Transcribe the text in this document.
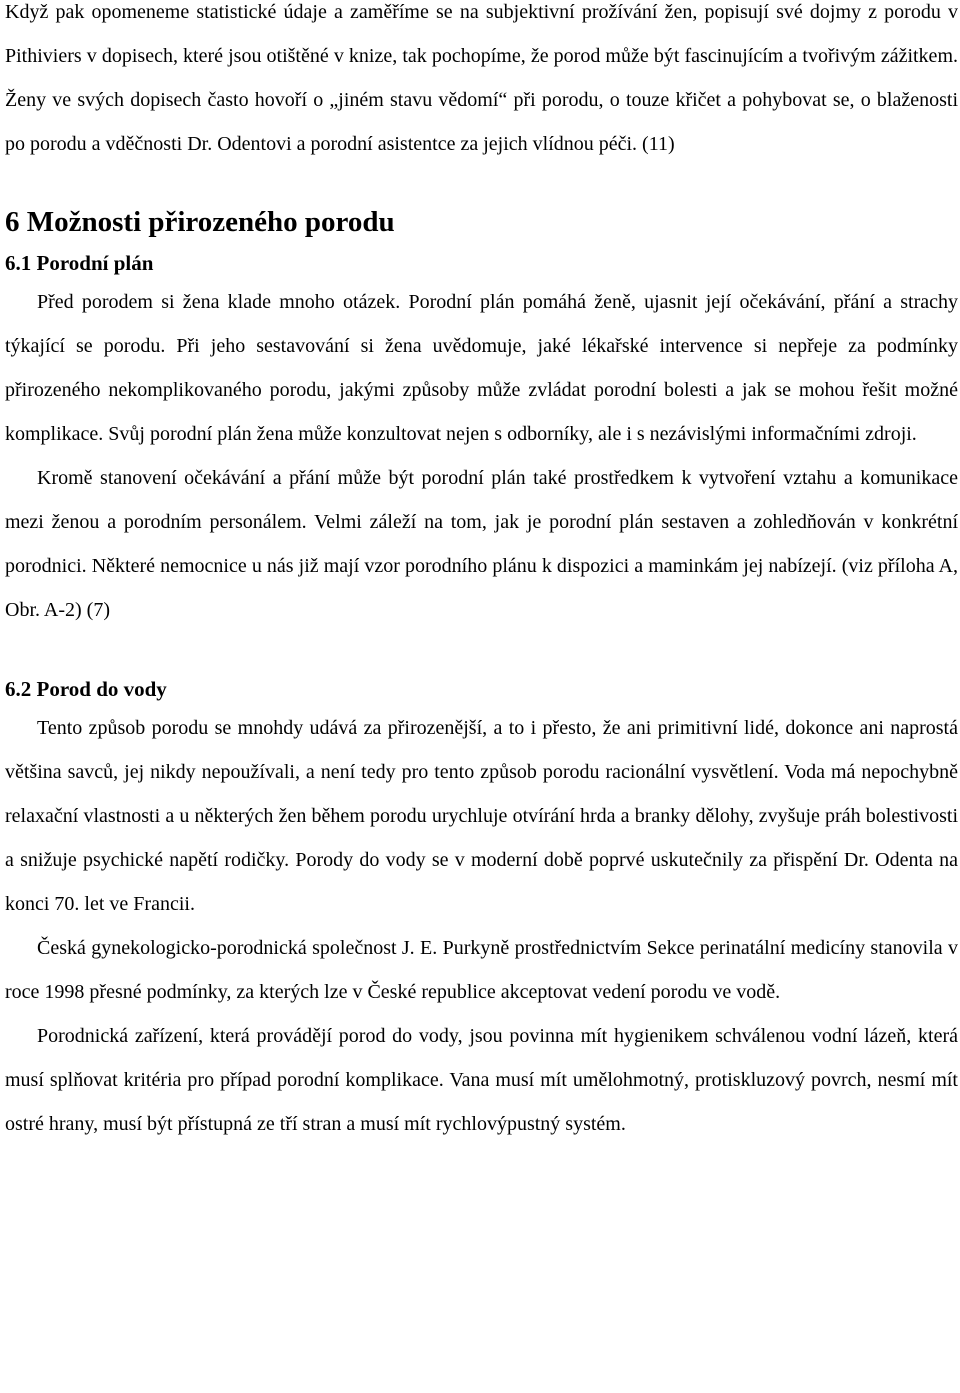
Když pak opomeneme statistické údaje a zaměříme se na subjektivní prožívání žen, popisují své dojmy z porodu v Pithiviers v dopisech, které jsou otištěné v knize, tak pochopíme, že porod může být fascinujícím a tvořivým zážitkem. Ženy ve svých dopisech často hovoří o „jiném stavu vědomí“ při porodu, o touze křičet a pohybovat se, o blaženosti po porodu a vděčnosti Dr. Odentovi a porodní asistentce za jejich vlídnou péči. (11)

6 Možnosti přirozeného porodu
6.1 Porodní plán

Před porodem si žena klade mnoho otázek. Porodní plán pomáhá ženě, ujasnit její očekávání, přání a strachy týkající se porodu. Při jeho sestavování si žena uvědomuje, jaké lékařské intervence si nepřeje za podmínky přirozeného nekomplikovaného porodu, jakými způsoby může zvládat porodní bolesti a jak se mohou řešit možné komplikace. Svůj porodní plán žena může konzultovat nejen s odborníky, ale i s nezávislými informačními zdroji.

Kromě stanovení očekávání a přání může být porodní plán také prostředkem k vytvoření vztahu a komunikace mezi ženou a porodním personálem. Velmi záleží na tom, jak je porodní plán sestaven a zohledňován v konkrétní porodnici. Některé nemocnice u nás již mají vzor porodního plánu k dispozici a maminkám jej nabízejí. (viz příloha A, Obr. A-2) (7)

6.2 Porod do vody

Tento způsob porodu se mnohdy udává za přirozenější, a to i přesto, že ani primitivní lidé, dokonce ani naprostá většina savců, jej nikdy nepoužívali, a není tedy pro tento způsob porodu racionální vysvětlení. Voda má nepochybně relaxační vlastnosti a u některých žen během porodu urychluje otvírání hrda a branky dělohy, zvyšuje práh bolestivosti a snižuje psychické napětí rodičky. Porody do vody se v moderní době poprvé uskutečnily za přispění Dr. Odenta na konci 70. let ve Francii.

Česká gynekologicko-porodnická společnost J. E. Purkyně prostřednictvím Sekce perinatální medicíny stanovila v roce 1998 přesné podmínky, za kterých lze v České republice akceptovat vedení porodu ve vodě.

Porodnická zařízení, která provádějí porod do vody, jsou povinna mít hygienikem schválenou vodní lázeň, která musí splňovat kritéria pro případ porodní komplikace. Vana musí mít umělohmotný, protiskluzový povrch, nesmí mít ostré hrany, musí být přístupná ze tří stran a musí mít rychlovýpustný systém.
